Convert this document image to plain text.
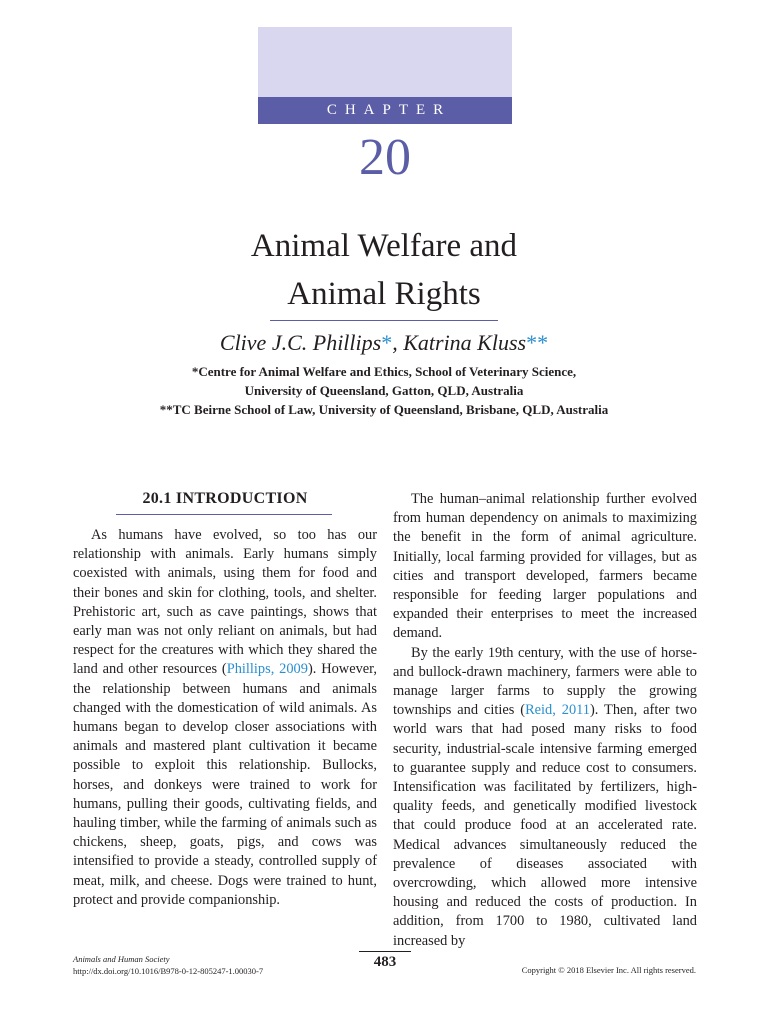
CHAPTER
20
Animal Welfare and
Animal Rights
Clive J.C. Phillips*, Katrina Kluss**
*Centre for Animal Welfare and Ethics, School of Veterinary Science,
University of Queensland, Gatton, QLD, Australia
**TC Beirne School of Law, University of Queensland, Brisbane, QLD, Australia
20.1 INTRODUCTION

As humans have evolved, so too has our relationship with animals. Early humans simply coexisted with animals, using them for food and their bones and skin for clothing, tools, and shelter. Prehistoric art, such as cave paintings, shows that early man was not only reliant on animals, but had respect for the creatures with which they shared the land and other resources (Phillips, 2009). However, the relationship between humans and animals changed with the domestication of wild animals. As humans began to develop closer associations with animals and mastered plant cultivation it became possible to exploit this relationship. Bullocks, horses, and donkeys were trained to work for humans, pulling their goods, cultivating fields, and hauling timber, while the farming of animals such as chickens, sheep, goats, pigs, and cows was intensified to provide a steady, controlled supply of meat, milk, and cheese. Dogs were trained to hunt, protect and provide companionship.

The human–animal relationship further evolved from human dependency on animals to maximizing the benefit in the form of animal agriculture. Initially, local farming provided for villages, but as cities and transport developed, farmers became responsible for feeding larger populations and expanded their enterprises to meet the increased demand.

By the early 19th century, with the use of horse- and bullock-drawn machinery, farmers were able to manage larger farms to supply the growing townships and cities (Reid, 2011). Then, after two world wars that had posed many risks to food security, industrial-scale intensive farming emerged to guarantee supply and reduce cost to consumers. Intensification was facilitated by fertilizers, high-quality feeds, and genetically modified livestock that could produce food at an accelerated rate. Medical advances simultaneously reduced the prevalence of diseases associated with overcrowding, which allowed more intensive housing and reduced the costs of production. In addition, from 1700 to 1980, cultivated land increased by

Animals and Human Society
http://dx.doi.org/10.1016/B978-0-12-805247-1.00030-7
483	Copyright © 2018 Elsevier Inc. All rights reserved.
